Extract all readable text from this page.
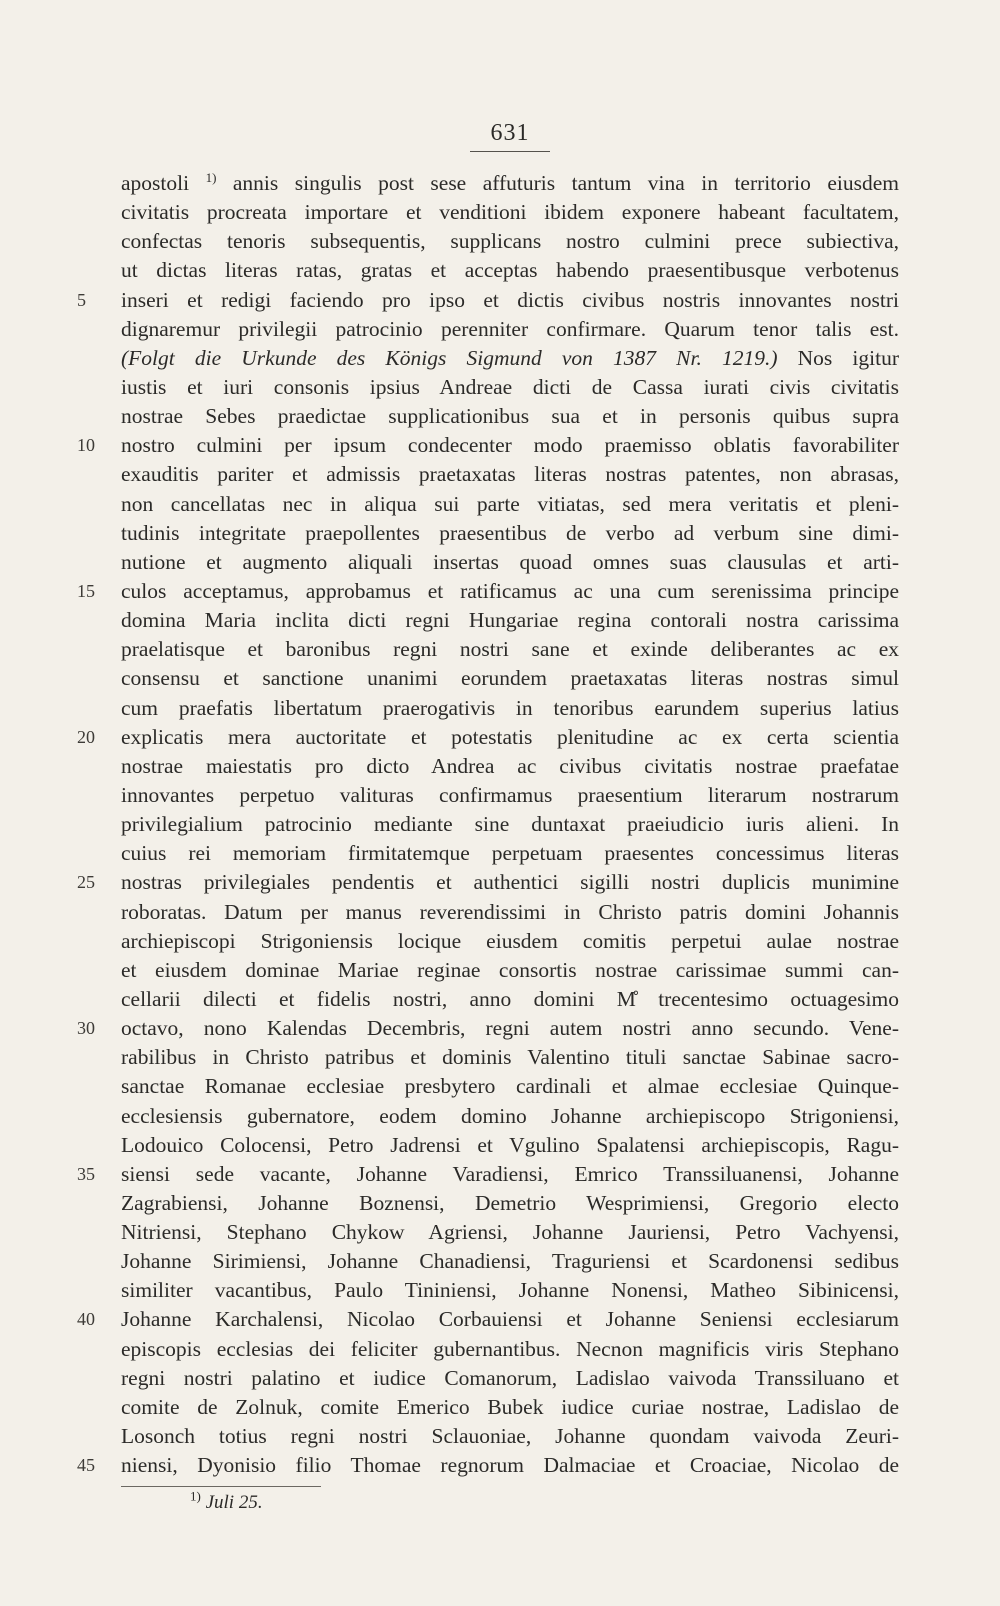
631
apostoli $^{1)}$ annis singulis post sese affuturis tantum vina in territorio eiusdem
civitatis procreata importare et venditioni ibidem exponere habeant facultatem,
confectas tenoris subsequentis, supplicans nostro culmini prece subiectiva,
ut dictas literas ratas, gratas et acceptas habendo praesentibusque verbotenus
5 inseri et redigi faciendo pro ipso et dictis civibus nostris innovantes nostri
dignaremur privilegii patrocinio perenniter confirmare. Quarum tenor talis est.
(Folgt die Urkunde des Königs Sigmund von 1387 Nr. 1219.) Nos igitur
iustis et iuri consonis ipsius Andreae dicti de Cassa iurati civis civitatis
nostrae Sebes praedictae supplicationibus sua et in personis quibus supra
10 nostro culmini per ipsum condecenter modo praemisso oblatis favorabiliter
exauditis pariter et admissis praetaxatas literas nostras patentes, non abrasas,
non cancellatas nec in aliqua sui parte vitiatas, sed mera veritatis et pleni-
tudinis integritate praepollentes praesentibus de verbo ad verbum sine dimi-
nutione et augmento aliquali insertas quoad omnes suas clausulas et arti-
15 culos acceptamus, approbamus et ratificamus ac una cum serenissima principe
domina Maria inclita dicti regni Hungariae regina contorali nostra carissima
praelatisque et baronibus regni nostri sane et exinde deliberantes ac ex
consensu et sanctione unanimi eorundem praetaxatas literas nostras simul
cum praefatis libertatum praerogativis in tenoribus earundem superius latius
20 explicatis mera auctoritate et potestatis plenitudine ac ex certa scientia
nostrae maiestatis pro dicto Andrea ac civibus civitatis nostrae praefatae
innovantes perpetuo valituras confirmamus praesentium literarum nostrarum
privilegialium patrocinio mediante sine duntaxat praeiudicio iuris alieni. In
cuius rei memoriam firmitatemque perpetuam praesentes concessimus literas
25 nostras privilegiales pendentis et authentici sigilli nostri duplicis munimine
roboratas. Datum per manus reverendissimi in Christo patris domini Johannis
archiepiscopi Strigoniensis locique eiusdem comitis perpetui aulae nostrae
et eiusdem dominae Mariae reginae consortis nostrae carissimae summi can-
cellarii dilecti et fidelis nostri, anno domini M̊ trecentesimo octuagesimo
30 octavo, nono Kalendas Decembris, regni autem nostri anno secundo. Vene-
rabilibus in Christo patribus et dominis Valentino tituli sanctae Sabinae sacro-
sanctae Romanae ecclesiae presbytero cardinali et almae ecclesiae Quinque-
ecclesiensis gubernatore, eodem domino Johanne archiepiscopo Strigoniensi,
Lodouico Colocensi, Petro Jadrensi et Vgulino Spalatensi archiepiscopis, Ragu-
35 siensi sede vacante, Johanne Varadiensi, Emrico Transsiluanensi, Johanne
Zagrabiensi, Johanne Boznensi, Demetrio Wesprimiensi, Gregorio electo
Nitriensi, Stephano Chykow Agriensi, Johanne Jauriensi, Petro Vachyensi,
Johanne Sirimiensi, Johanne Chanadiensi, Traguriensi et Scardonensi sedibus
similiter vacantibus, Paulo Tininiensi, Johanne Nonensi, Matheo Sibinicensi,
40 Johanne Karchalensi, Nicolao Corbauiensi et Johanne Seniensi ecclesiarum
episcopis ecclesias dei feliciter gubernantibus. Necnon magnificis viris Stephano
regni nostri palatino et iudice Comanorum, Ladislao vaivoda Transsiluano et
comite de Zolnuk, comite Emerico Bubek iudice curiae nostrae, Ladislao de
Losonch totius regni nostri Sclauoniae, Johanne quondam vaivoda Zeuri-
45 niensi, Dyonisio filio Thomae regnorum Dalmaciae et Croaciae, Nicolao de
$^{1)}$ Juli 25.
